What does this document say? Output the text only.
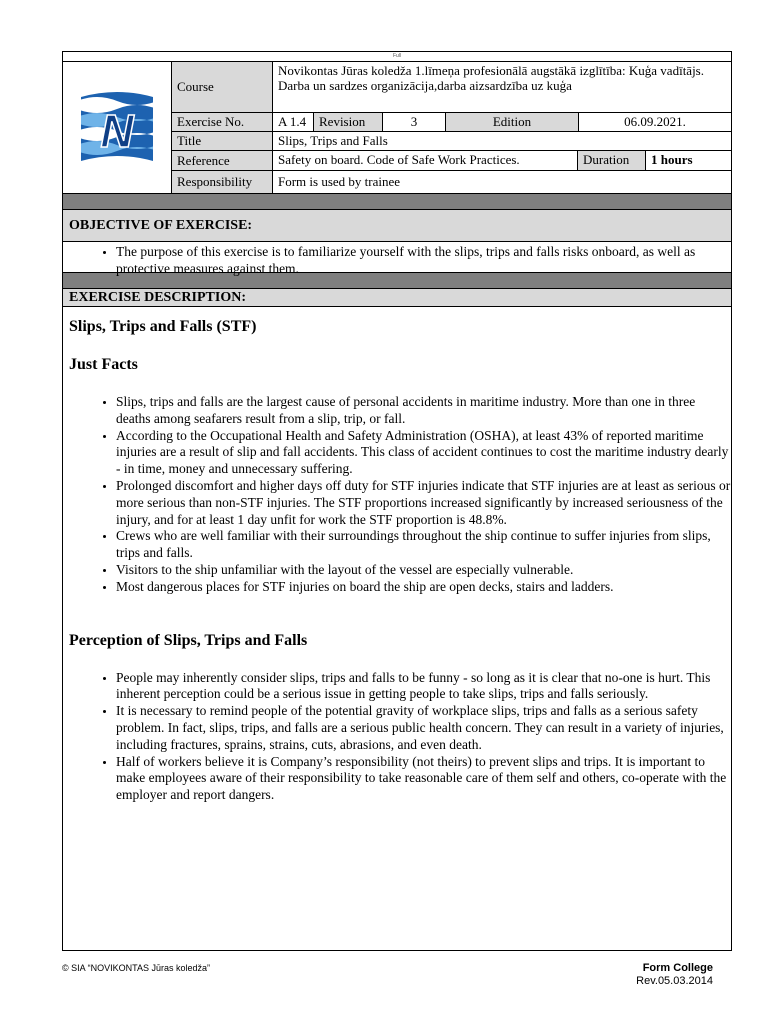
Full
N
Course
Novikontas Jūras koledža 1.līmeņa profesionālā augstākā izglītība: Kuģa vadītājs.
Darba un sardzes organizācija,darba aizsardzība uz kuģa
Exercise No.	A 1.4 Revision	3	Edition	06.09.2021.
Title	Slips, Trips and Falls
Reference	Safety on board. Code of Safe Work Practices.	Duration	1 hours
Responsibility	Form is used by trainee
OBJECTIVE OF EXERCISE:
• The purpose of this exercise is to familiarize yourself with the slips, trips and falls risks onboard, as well as protective measures against them.
EXERCISE DESCRIPTION:
Slips, Trips and Falls (STF)
Just Facts
• Slips, trips and falls are the largest cause of personal accidents in maritime industry. More than one in three deaths among seafarers result from a slip, trip, or fall.
• According to the Occupational Health and Safety Administration (OSHA), at least 43% of reported maritime injuries are a result of slip and fall accidents. This class of accident continues to cost the maritime industry dearly - in time, money and unnecessary suffering.
• Prolonged discomfort and higher days off duty for STF injuries indicate that STF injuries are at least as serious or more serious than non-STF injuries. The STF proportions increased significantly by increased seriousness of the injury, and for at least 1 day unfit for work the STF proportion is 48.8%.
• Crews who are well familiar with their surroundings throughout the ship continue to suffer injuries from slips, trips and falls.
• Visitors to the ship unfamiliar with the layout of the vessel are especially vulnerable.
• Most dangerous places for STF injuries on board the ship are open decks, stairs and ladders.
Perception of Slips, Trips and Falls
• People may inherently consider slips, trips and falls to be funny - so long as it is clear that no-one is hurt. This inherent perception could be a serious issue in getting people to take slips, trips and falls seriously.
• It is necessary to remind people of the potential gravity of workplace slips, trips and falls as a serious safety problem. In fact, slips, trips, and falls are a serious public health concern. They can result in a variety of injuries, including fractures, sprains, strains, cuts, abrasions, and even death.
• Half of workers believe it is Company’s responsibility (not theirs) to prevent slips and trips. It is important to make employees aware of their responsibility to take reasonable care of them self and others, co-operate with the employer and report dangers.
© SIA “NOVIKONTAS Jūras koledža”	Form College
Rev.05.03.2014
